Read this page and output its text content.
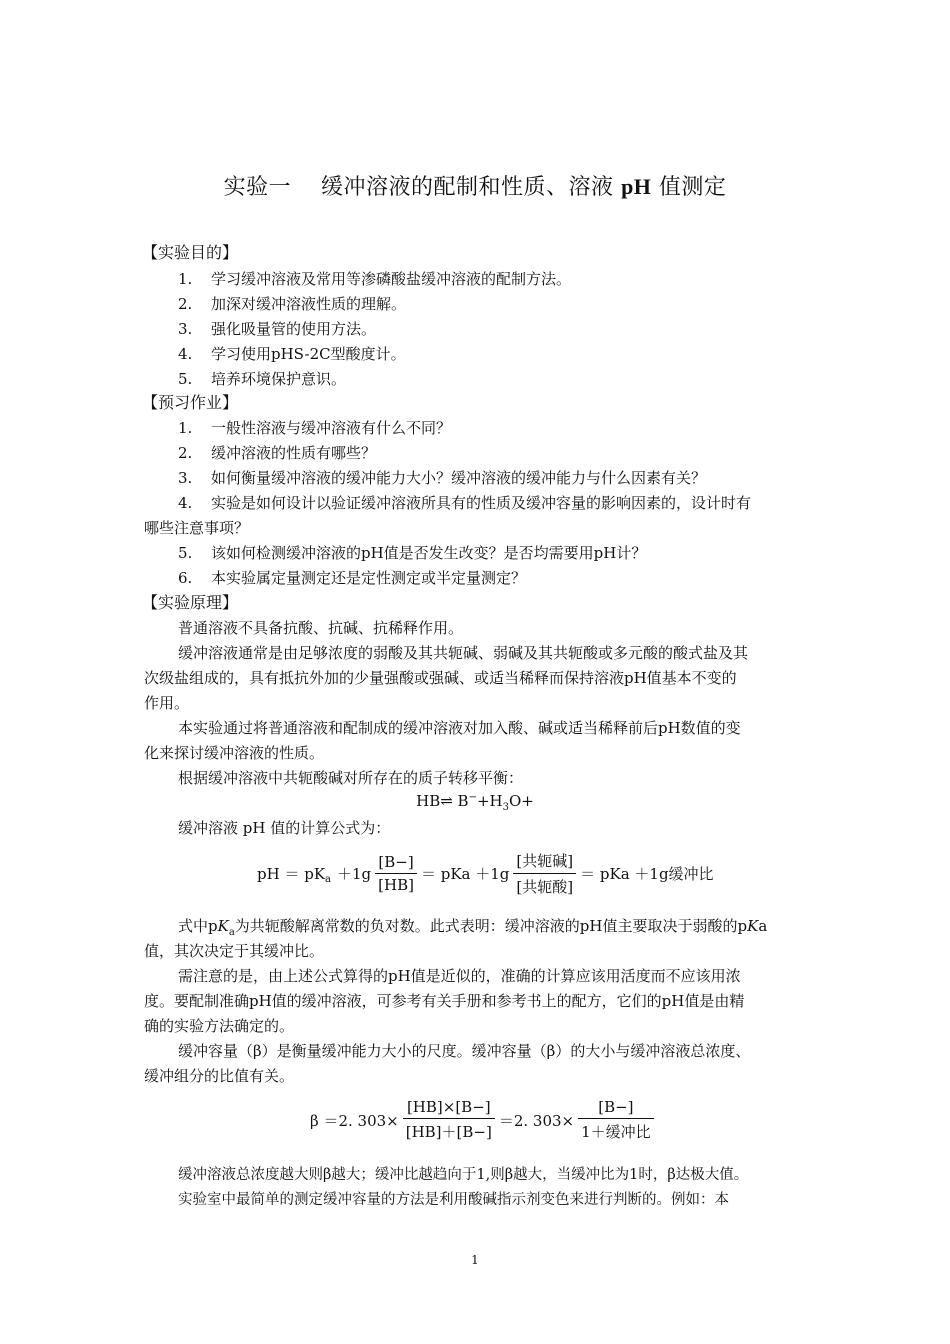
实验一　 缓冲溶液的配制和性质、溶液 pH 值测定
【实验目的】
1. 学习缓冲溶液及常用等渗磷酸盐缓冲溶液的配制方法。
2. 加深对缓冲溶液性质的理解。
3. 强化吸量管的使用方法。
4. 学习使用pHS-2C型酸度计。
5. 培养环境保护意识。
【预习作业】
1. 一般性溶液与缓冲溶液有什么不同？
2. 缓冲溶液的性质有哪些？
3. 如何衡量缓冲溶液的缓冲能力大小？缓冲溶液的缓冲能力与什么因素有关？
4. 实验是如何设计以验证缓冲溶液所具有的性质及缓冲容量的影响因素的，设计时有
哪些注意事项？
5. 该如何检测缓冲溶液的pH值是否发生改变？是否均需要用pH计？
6. 本实验属定量测定还是定性测定或半定量测定？
【实验原理】
普通溶液不具备抗酸、抗碱、抗稀释作用。
缓冲溶液通常是由足够浓度的弱酸及其共轭碱、弱碱及其共轭酸或多元酸的酸式盐及其
次级盐组成的，具有抵抗外加的少量强酸或强碱、或适当稀释而保持溶液pH值基本不变的
作用。
本实验通过将普通溶液和配制成的缓冲溶液对加入酸、碱或适当稀释前后pH数值的变
化来探讨缓冲溶液的性质。
根据缓冲溶液中共轭酸碱对所存在的质子转移平衡：
HB⇌ $B^-+H_3O+$
缓冲溶液 pH 值的计算公式为：
pH ＝ pK $a +1g \frac{[B-]}{[HB]}$ ＝ pKa $+1g \frac{\text{[共轭碱]}}{\text{[共轭酸]}}$ ＝ pKa ＋1g缓冲比
式中$pK_a$为共轭酸解离常数的负对数。此式表明：缓冲溶液的pH值主要取决于弱酸的pKa
值，其次决定于其缓冲比。
需注意的是，由上述公式算得的pH值是近似的，准确的计算应该用活度而不应该用浓
度。要配制准确pH值的缓冲溶液，可参考有关手册和参考书上的配方，它们的pH值是由精
确的实验方法确定的。
缓冲容量（β）是衡量缓冲能力大小的尺度。缓冲容量（β）的大小与缓冲溶液总浓度、
缓冲组分的比值有关。
β ＝2. $303\times \frac{[HB]\times[B-]}{[HB]+[B-]} =2$. $303\times \frac{[B-]}{\text{1＋缓冲比}}$
缓冲溶液总浓度越大则β越大；缓冲比越趋向于1,则β越大，当缓冲比为1时，β达极大值。
实验室中最简单的测定缓冲容量的方法是利用酸碱指示剂变色来进行判断的。例如：本
1
